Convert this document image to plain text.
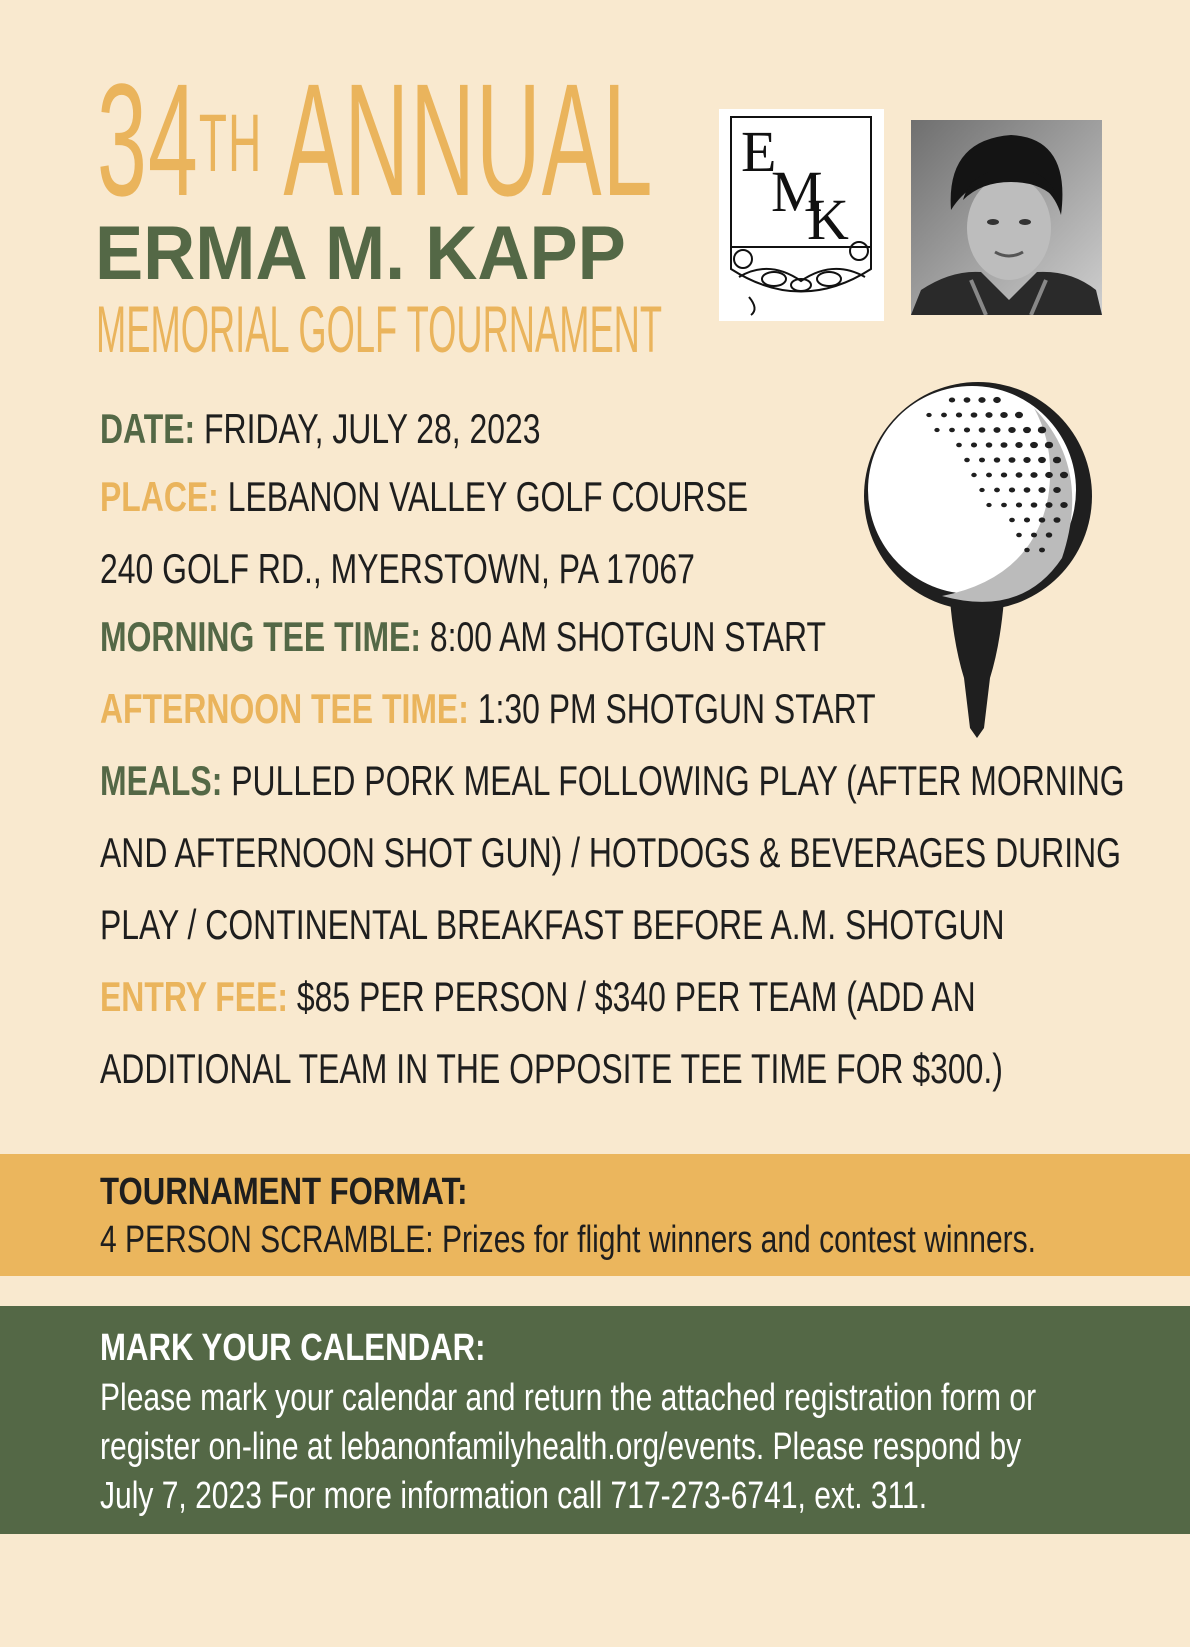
34TH ANNUAL
ERMA M. KAPP
MEMORIAL GOLF TOURNAMENT
E
M
K
DATE: FRIDAY, JULY 28, 2023
PLACE: LEBANON VALLEY GOLF COURSE
240 GOLF RD., MYERSTOWN, PA 17067
MORNING TEE TIME: 8:00 AM SHOTGUN START
AFTERNOON TEE TIME: 1:30 PM SHOTGUN START
MEALS: PULLED PORK MEAL FOLLOWING PLAY (AFTER MORNING
AND AFTERNOON SHOT GUN) / HOTDOGS & BEVERAGES DURING
PLAY / CONTINENTAL BREAKFAST BEFORE A.M. SHOTGUN
ENTRY FEE: $85 PER PERSON / $340 PER TEAM (ADD AN
ADDITIONAL TEAM IN THE OPPOSITE TEE TIME FOR $300.)
TOURNAMENT FORMAT:
4 PERSON SCRAMBLE: Prizes for flight winners and contest winners.
MARK YOUR CALENDAR:
Please mark your calendar and return the attached registration form or
register on-line at lebanonfamilyhealth.org/events. Please respond by
July 7, 2023 For more information call 717-273-6741, ext. 311.
